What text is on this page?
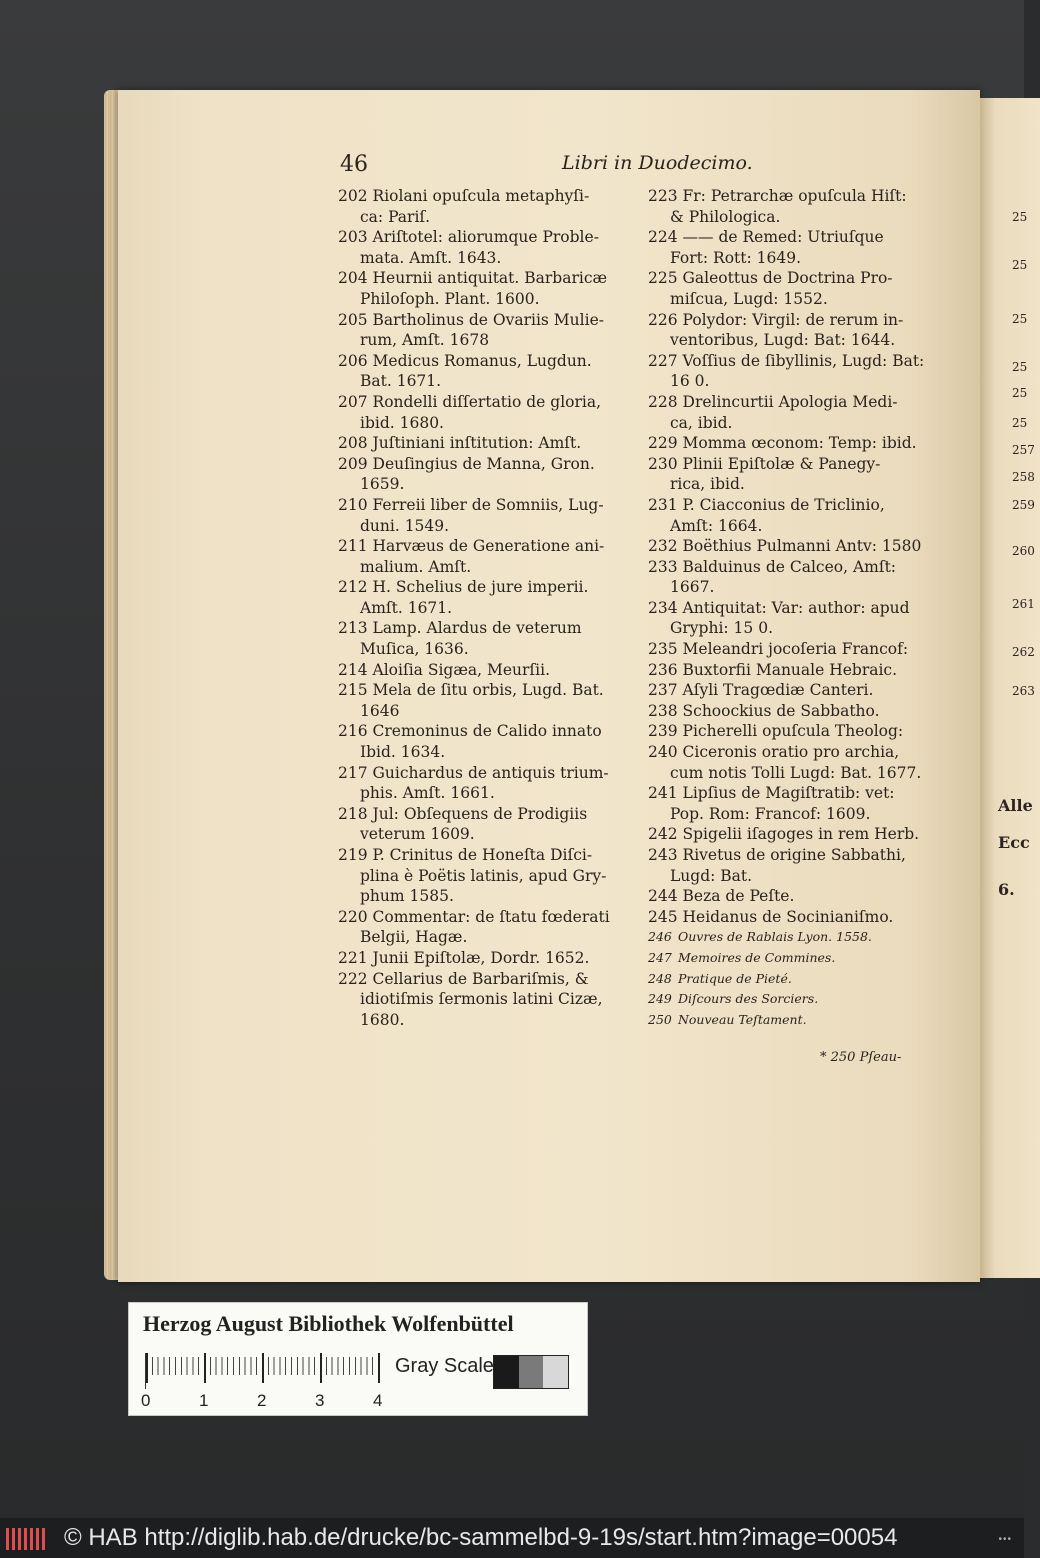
25
25
25
25
25
25
257
258
259
260
261
262
263
Alle
Ecc
6.
46	Libri in Duodecimo.
202 Riolani opuſcula metaphyſi-
ca: Pariſ.
203 Ariſtotel: aliorumque Proble-
mata. Amſt. 1643.
204 Heurnii antiquitat. Barbaricæ
Philoſoph. Plant. 1600.
205 Bartholinus de Ovariis Mulie-
rum, Amſt. 1678
206 Medicus Romanus, Lugdun.
Bat. 1671.
207 Rondelli diſſertatio de gloria,
ibid. 1680.
208 Juſtiniani inſtitution: Amſt.
209 Deuſingius de Manna, Gron.
1659.
210 Ferreii liber de Somniis, Lug-
duni. 1549.
211 Harvæus de Generatione ani-
malium. Amſt.
212 H. Schelius de jure imperii.
Amſt. 1671.
213 Lamp. Alardus de veterum
Muſica, 1636.
214 Aloiſia Sigæa, Meurſii.
215 Mela de ſitu orbis, Lugd. Bat.
1646
216 Cremoninus de Calido innato
Ibid. 1634.
217 Guichardus de antiquis trium-
phis. Amſt. 1661.
218 Jul: Obſequens de Prodigiis
veterum 1609.
219 P. Crinitus de Honeſta Diſci-
plina è Poëtis latinis, apud Gry-
phum 1585.
220 Commentar: de ſtatu fœderati
Belgii, Hagæ.
221 Junii Epiſtolæ, Dordr. 1652.
222 Cellarius de Barbariſmis, &
idiotiſmis ſermonis latini Cizæ,
1680.
223 Fr: Petrarchæ opuſcula Hiſt:
& Philologica.
224 —— de Remed: Utriuſque
Fort: Rott: 1649.
225 Galeottus de Doctrina Pro-
miſcua, Lugd: 1552.
226 Polydor: Virgil: de rerum in-
ventoribus, Lugd: Bat: 1644.
227 Voſſius de ſibyllinis, Lugd: Bat:
16 0.
228 Drelincurtii Apologia Medi-
ca, ibid.
229 Momma œconom: Temp: ibid.
230 Plinii Epiſtolæ & Panegy-
rica, ibid.
231 P. Ciacconius de Triclinio,
Amſt: 1664.
232 Boëthius Pulmanni Antv: 1580
233 Balduinus de Calceo, Amſt:
1667.
234 Antiquitat: Var: author: apud
Gryphi: 15 0.
235 Meleandri jocoſeria Francof:
236 Buxtorfii Manuale Hebraic.
237 Aſyli Tragœdiæ Canteri.
238 Schoockius de Sabbatho.
239 Picherelli opuſcula Theolog:
240 Ciceronis oratio pro archia,
cum notis Tolli Lugd: Bat. 1677.
241 Lipſius de Magiſtratib: vet:
Pop. Rom: Francof: 1609.
242 Spigelii iſagoges in rem Herb.
243 Rivetus de origine Sabbathi,
Lugd: Bat.
244 Beza de Peſte.
245 Heidanus de Socinianiſmo.
246 Ouvres de Rablais Lyon. 1558.
247 Memoires de Commines.
248 Pratique de Pieté.
249 Diſcours des Sorciers.
250 Nouveau Teſtament.
* 250 Pſeau-
Herzog August Bibliothek Wolfenbüttel
Gray Scale
0	1	2	3	4
© HAB http://diglib.hab.de/drucke/bc-sammelbd-9-19s/start.htm?image=00054	•••
